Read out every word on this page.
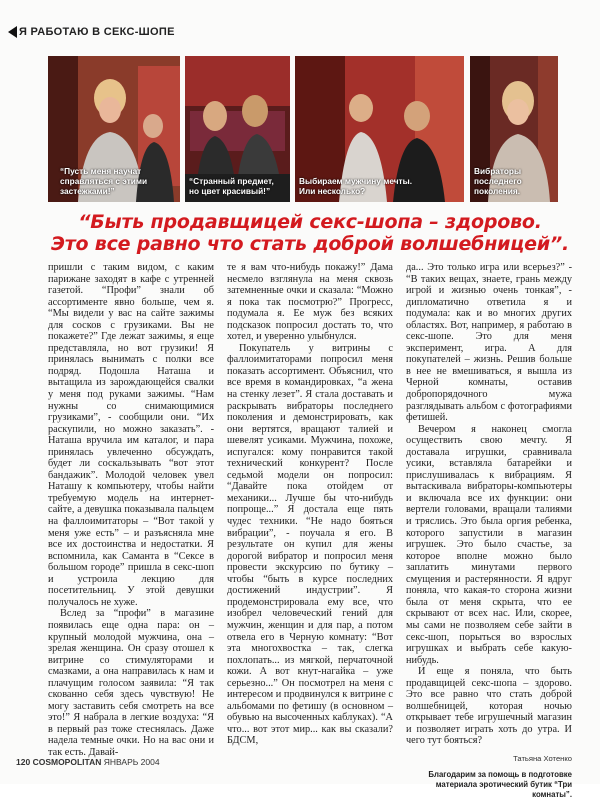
Я РАБОТАЮ В СЕКС-ШОПЕ
“Пусть меня научат справляться с этими застежками!”
“Странный предмет, но цвет красивый!”
Выбираем мужчину мечты. Или несколько?
Вибраторы последнего поколения.
“Быть продавщицей секс-шопа – здорово.
Это все равно что стать доброй волшебницей”.

пришли с таким видом, с каким парижане заходят в кафе с утренней газетой. “Профи” знали об ассортименте явно больше, чем я. “Мы видели у вас на сайте зажимы для сосков с грузиками. Вы не покажете?” Где лежат зажимы, я еще представляла, но вот грузики! Я принялась вынимать с полки все подряд. Подошла Наташа и вытащила из зарождающейся свалки у меня под руками зажимы. “Нам нужны со снимающимися грузиками”, - сообщили они. “Их раскупили, но можно заказать”. - Наташа вручила им каталог, и пара принялась увлеченно обсуждать, будет ли соскальзывать “вот этот бандажик”. Молодой человек увел Наташу к компьютеру, чтобы найти требуемую модель на интернет-сайте, а девушка показывала пальцем на фаллоимитаторы – “Вот такой у меня уже есть” – и разъясняла мне все их достоинства и недостатки. Я вспомнила, как Саманта в “Сексе в большом городе” пришла в секс-шоп и устроила лекцию для посетительниц. У этой девушки получалось не хуже.

Вслед за “профи” в магазине появилась еще одна пара: он – крупный молодой мужчина, она – зрелая женщина. Он сразу отошел к витрине со стимуляторами и смазками, а она направилась к нам и плачущим голосом заявила: “Я так скованно себя здесь чувствую! Не могу заставить себя смотреть на все это!” Я набрала в легкие воздуха: “Я в первый раз тоже стеснялась. Даже надела темные очки. Но на вас они и так есть. Давай-

те я вам что-нибудь покажу!” Дама несмело взглянула на меня сквозь затемненные очки и сказала: “Можно я пока так посмотрю?” Прогресс, подумала я. Ее муж без всяких подсказок попросил достать то, что хотел, и уверенно улыбнулся.

Покупатель у витрины с фаллоимитаторами попросил меня показать ассортимент. Объяснил, что все время в командировках, “а жена на стенку лезет”. Я стала доставать и раскрывать вибраторы последнего поколения и демонстрировать, как они вертятся, вращают талией и шевелят усиками. Мужчина, похоже, испугался: кому понравится такой технический конкурент? После седьмой модели он попросил: “Давайте пока отойдем от механики... Лучше бы что-нибудь попроще...” Я достала еще пять чудес техники. “Не надо бояться вибрации”, - поучала я его. В результате он купил для жены дорогой вибратор и попросил меня провести экскурсию по бутику – чтобы “быть в курсе последних достижений индустрии”. Я продемонстрировала ему все, что изобрел человеческий гений для мужчин, женщин и для пар, а потом отвела его в Черную комнату: “Вот эта многохвостка – так, слегка похлопать... из мягкой, перчаточной кожи. А вот кнут-нагайка – уже серьезно...” Он посмотрел на меня с интересом и продвинулся к витрине с альбомами по фетишу (в основном – обувью на высоченных каблуках). “А что... вот этот мир... как вы сказали? БДСМ,

да... Это только игра или всерьез?” - “В таких вещах, знаете, грань между игрой и жизнью очень тонкая”, - дипломатично ответила я и подумала: как и во многих других областях. Вот, например, я работаю в секс-шопе. Это для меня эксперимент, игра. А для покупателей – жизнь. Решив больше в нее не вмешиваться, я вышла из Черной комнаты, оставив добропорядочного мужа разглядывать альбом с фотографиями фетишей.

Вечером я наконец смогла осуществить свою мечту. Я доставала игрушки, сравнивала усики, вставляла батарейки и прислушивалась к вибрациям. Я вытаскивала вибраторы-компьютеры и включала все их функции: они вертели головами, вращали талиями и тряслись. Это была оргия ребенка, которого запустили в магазин игрушек. Это было счастье, за которое вполне можно было заплатить минутами первого смущения и растерянности. Я вдруг поняла, что какая-то сторона жизни была от меня скрыта, что ее скрывают от всех нас. Или, скорее, мы сами не позволяем себе зайти в секс-шоп, порыться во взрослых игрушках и выбрать себе какую-нибудь.

И еще я поняла, что быть продавщицей секс-шопа – здорово. Это все равно что стать доброй волшебницей, которая ночью открывает тебе игрушечный магазин и позволяет играть хоть до утра. И чего тут бояться?

Татьяна Хотенко
Благодарим за помощь в подготовке материала эротический бутик “Три комнаты”.
120 COSMOPOLITAN ЯНВАРЬ 2004
